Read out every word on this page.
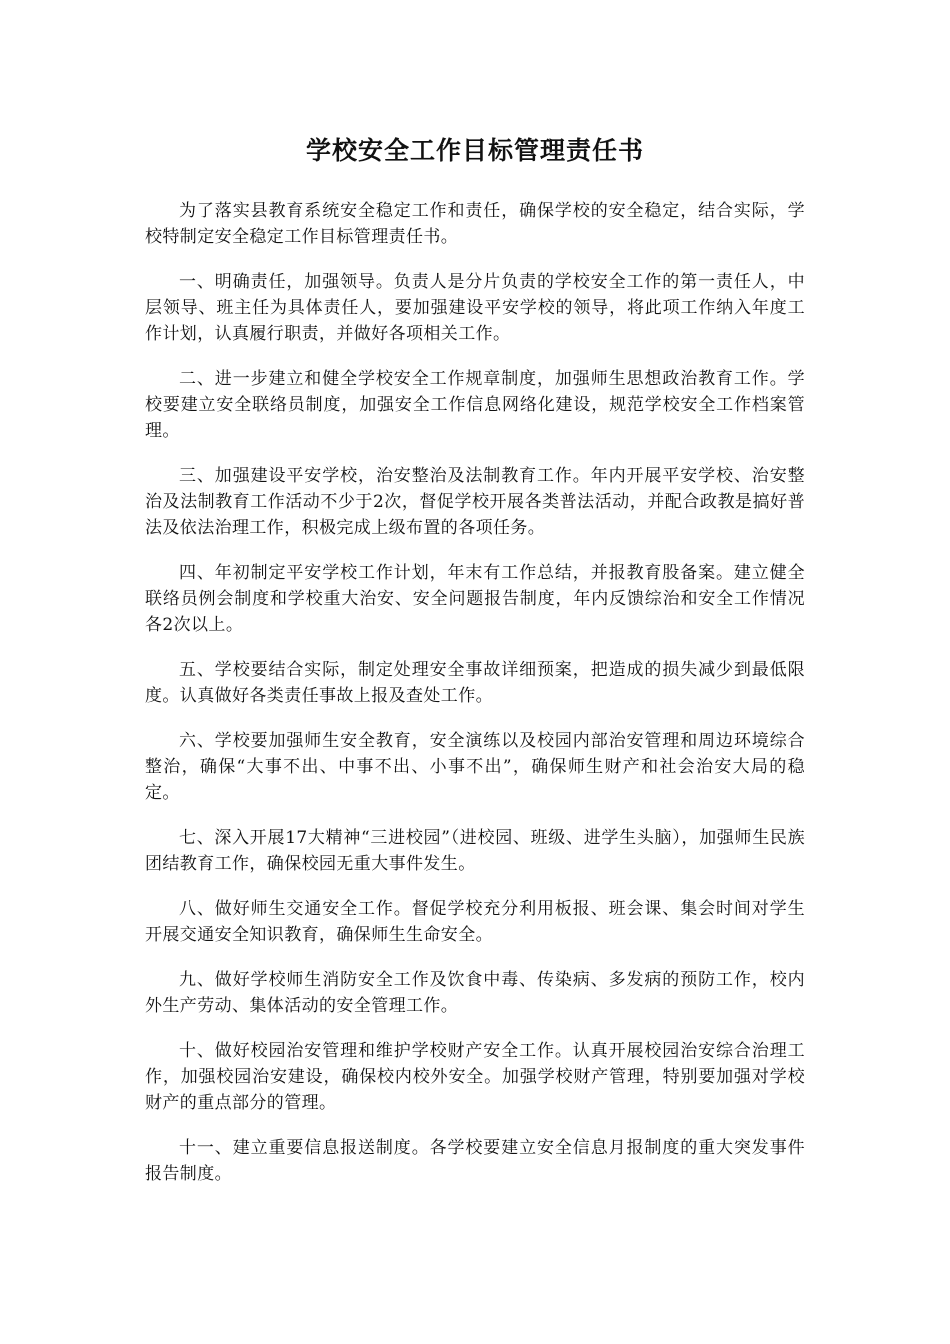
学校安全工作目标管理责任书

为了落实县教育系统安全稳定工作和责任，确保学校的安全稳定，结合实际，学校特制定安全稳定工作目标管理责任书。

一、明确责任，加强领导。负责人是分片负责的学校安全工作的第一责任人，中层领导、班主任为具体责任人，要加强建设平安学校的领导，将此项工作纳入年度工作计划，认真履行职责，并做好各项相关工作。

二、进一步建立和健全学校安全工作规章制度，加强师生思想政治教育工作。学校要建立安全联络员制度，加强安全工作信息网络化建设，规范学校安全工作档案管理。

三、加强建设平安学校，治安整治及法制教育工作。年内开展平安学校、治安整治及法制教育工作活动不少于2次，督促学校开展各类普法活动，并配合政教是搞好普法及依法治理工作，积极完成上级布置的各项任务。

四、年初制定平安学校工作计划，年末有工作总结，并报教育股备案。建立健全联络员例会制度和学校重大治安、安全问题报告制度，年内反馈综治和安全工作情况各2次以上。

五、学校要结合实际，制定处理安全事故详细预案，把造成的损失减少到最低限度。认真做好各类责任事故上报及查处工作。

六、学校要加强师生安全教育，安全演练以及校园内部治安管理和周边环境综合整治，确保“大事不出、中事不出、小事不出”，确保师生财产和社会治安大局的稳定。

七、深入开展17大精神“三进校园”（进校园、班级、进学生头脑），加强师生民族团结教育工作，确保校园无重大事件发生。

八、做好师生交通安全工作。督促学校充分利用板报、班会课、集会时间对学生开展交通安全知识教育，确保师生生命安全。

九、做好学校师生消防安全工作及饮食中毒、传染病、多发病的预防工作，校内外生产劳动、集体活动的安全管理工作。

十、做好校园治安管理和维护学校财产安全工作。认真开展校园治安综合治理工作，加强校园治安建设，确保校内校外安全。加强学校财产管理，特别要加强对学校财产的重点部分的管理。

十一、建立重要信息报送制度。各学校要建立安全信息月报制度的重大突发事件报告制度。
